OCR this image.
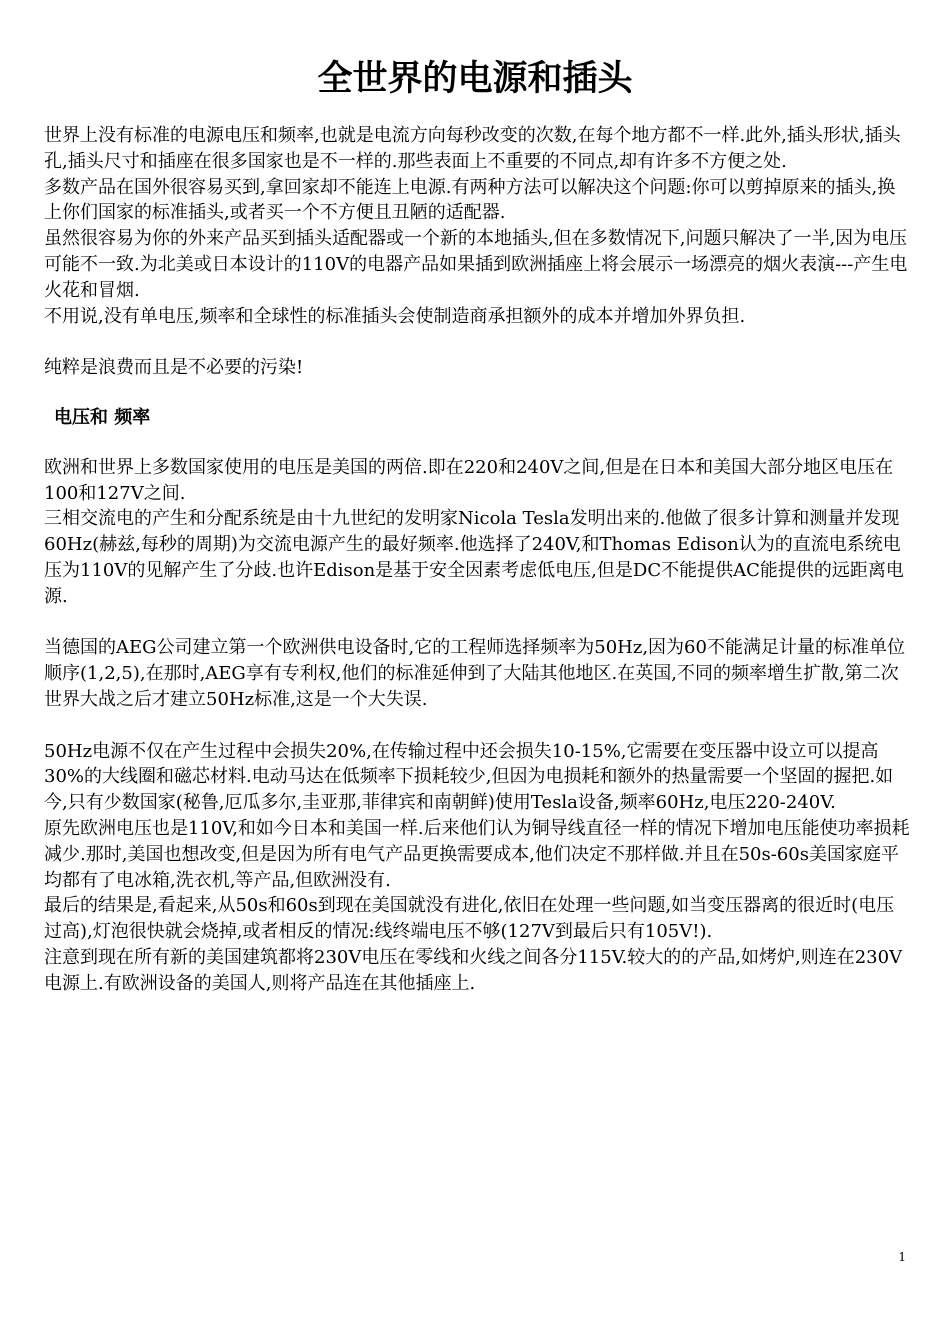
全世界的电源和插头

世界上没有标准的电源电压和频率,也就是电流方向每秒改变的次数,在每个地方都不一样.此外,插头形状,插头孔,插头尺寸和插座在很多国家也是不一样的.那些表面上不重要的不同点,却有许多不方便之处.

多数产品在国外很容易买到,拿回家却不能连上电源.有两种方法可以解决这个问题:你可以剪掉原来的插头,换上你们国家的标准插头,或者买一个不方便且丑陋的适配器.

虽然很容易为你的外来产品买到插头适配器或一个新的本地插头,但在多数情况下,问题只解决了一半,因为电压可能不一致.为北美或日本设计的110V的电器产品如果插到欧洲插座上将会展示一场漂亮的烟火表演---产生电火花和冒烟.

不用说,没有单电压,频率和全球性的标准插头会使制造商承担额外的成本并增加外界负担.

纯粹是浪费而且是不必要的污染!

电压和 频率

欧洲和世界上多数国家使用的电压是美国的两倍.即在220和240V之间,但是在日本和美国大部分地区电压在100和127V之间.

三相交流电的产生和分配系统是由十九世纪的发明家Nicola Tesla发明出来的.他做了很多计算和测量并发现60Hz(赫兹,每秒的周期)为交流电源产生的最好频率.他选择了240V,和Thomas Edison认为的直流电系统电压为110V的见解产生了分歧.也许Edison是基于安全因素考虑低电压,但是DC不能提供AC能提供的远距离电源.

当德国的AEG公司建立第一个欧洲供电设备时,它的工程师选择频率为50Hz,因为60不能满足计量的标准单位顺序(1,2,5),在那时,AEG享有专利权,他们的标准延伸到了大陆其他地区.在英国,不同的频率增生扩散,第二次世界大战之后才建立50Hz标准,这是一个大失误.

50Hz电源不仅在产生过程中会损失20%,在传输过程中还会损失10-15%,它需要在变压器中设立可以提高30%的大线圈和磁芯材料.电动马达在低频率下损耗较少,但因为电损耗和额外的热量需要一个坚固的握把.如今,只有少数国家(秘鲁,厄瓜多尔,圭亚那,菲律宾和南朝鲜)使用Tesla设备,频率60Hz,电压220-240V.

原先欧洲电压也是110V,和如今日本和美国一样.后来他们认为铜导线直径一样的情况下增加电压能使功率损耗减少.那时,美国也想改变,但是因为所有电气产品更换需要成本,他们决定不那样做.并且在50s-60s美国家庭平均都有了电冰箱,洗衣机,等产品,但欧洲没有.

最后的结果是,看起来,从50s和60s到现在美国就没有进化,依旧在处理一些问题,如当变压器离的很近时(电压过高),灯泡很快就会烧掉,或者相反的情况:线终端电压不够(127V到最后只有105V!).

注意到现在所有新的美国建筑都将230V电压在零线和火线之间各分115V.较大的的产品,如烤炉,则连在230V电源上.有欧洲设备的美国人,则将产品连在其他插座上.

1
